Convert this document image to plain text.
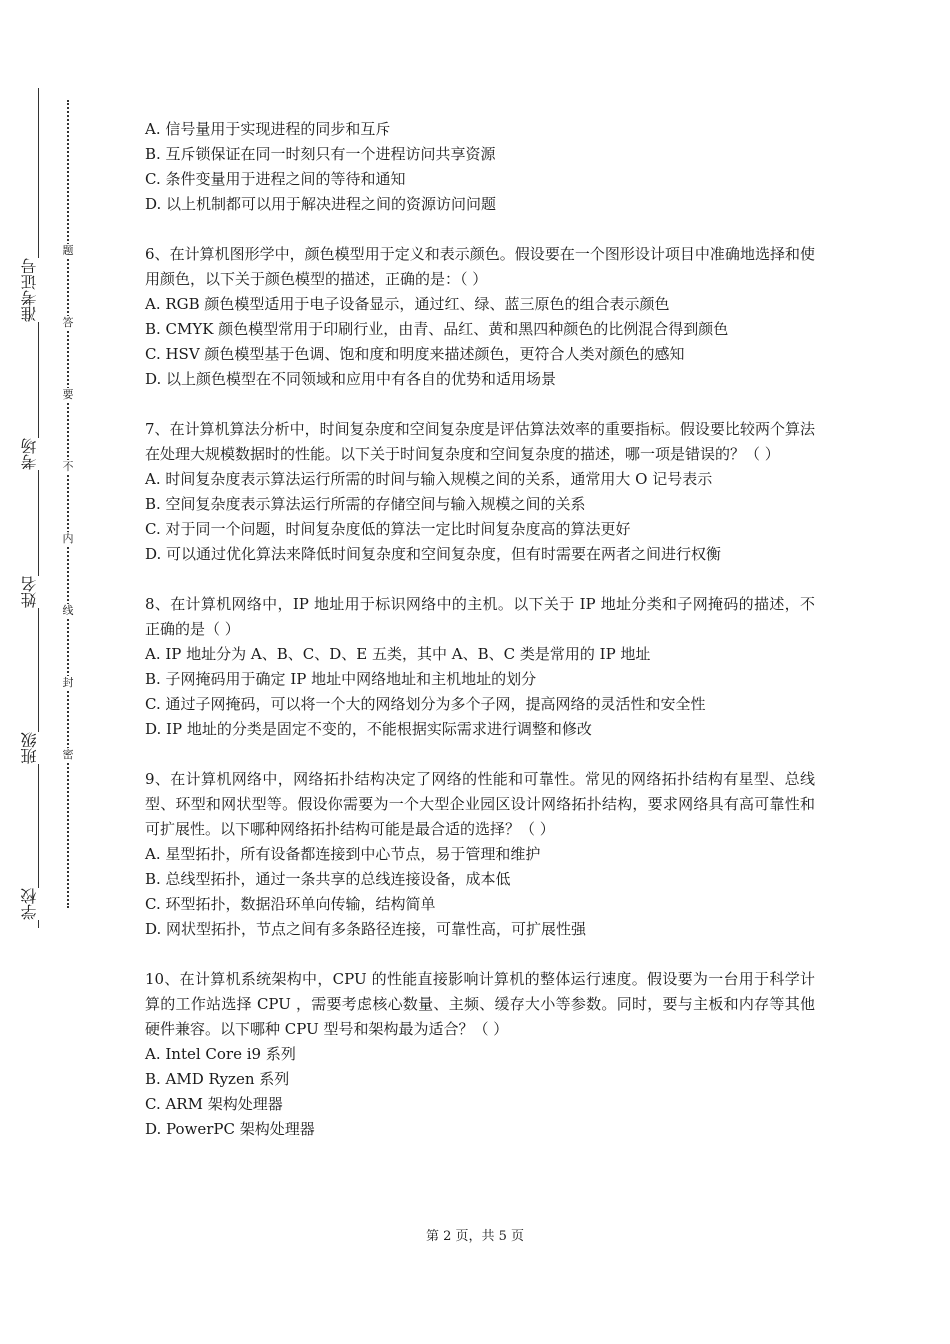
准考证号
考场
姓名
班级
学校
题
答
要
不
内
线
封
密
A. 信号量用于实现进程的同步和互斥
B. 互斥锁保证在同一时刻只有一个进程访问共享资源
C. 条件变量用于进程之间的等待和通知
D. 以上机制都可以用于解决进程之间的资源访问问题
6、在计算机图形学中，颜色模型用于定义和表示颜色。假设要在一个图形设计项目中准确地选择和使用颜色，以下关于颜色模型的描述，正确的是：（ ）
A. RGB 颜色模型适用于电子设备显示，通过红、绿、蓝三原色的组合表示颜色
B. CMYK 颜色模型常用于印刷行业，由青、品红、黄和黑四种颜色的比例混合得到颜色
C. HSV 颜色模型基于色调、饱和度和明度来描述颜色，更符合人类对颜色的感知
D. 以上颜色模型在不同领域和应用中有各自的优势和适用场景
7、在计算机算法分析中，时间复杂度和空间复杂度是评估算法效率的重要指标。假设要比较两个算法在处理大规模数据时的性能。以下关于时间复杂度和空间复杂度的描述，哪一项是错误的？（ ）
A. 时间复杂度表示算法运行所需的时间与输入规模之间的关系，通常用大 O 记号表示
B. 空间复杂度表示算法运行所需的存储空间与输入规模之间的关系
C. 对于同一个问题，时间复杂度低的算法一定比时间复杂度高的算法更好
D. 可以通过优化算法来降低时间复杂度和空间复杂度，但有时需要在两者之间进行权衡
8、在计算机网络中，IP 地址用于标识网络中的主机。以下关于 IP 地址分类和子网掩码的描述，不正确的是（ ）
A. IP 地址分为 A、B、C、D、E 五类，其中 A、B、C 类是常用的 IP 地址
B. 子网掩码用于确定 IP 地址中网络地址和主机地址的划分
C. 通过子网掩码，可以将一个大的网络划分为多个子网，提高网络的灵活性和安全性
D. IP 地址的分类是固定不变的，不能根据实际需求进行调整和修改
9、在计算机网络中，网络拓扑结构决定了网络的性能和可靠性。常见的网络拓扑结构有星型、总线型、环型和网状型等。假设你需要为一个大型企业园区设计网络拓扑结构，要求网络具有高可靠性和可扩展性。以下哪种网络拓扑结构可能是最合适的选择？（ ）
A. 星型拓扑，所有设备都连接到中心节点，易于管理和维护
B. 总线型拓扑，通过一条共享的总线连接设备，成本低
C. 环型拓扑，数据沿环单向传输，结构简单
D. 网状型拓扑，节点之间有多条路径连接，可靠性高，可扩展性强
10、在计算机系统架构中，CPU 的性能直接影响计算机的整体运行速度。假设要为一台用于科学计算的工作站选择 CPU ，需要考虑核心数量、主频、缓存大小等参数。同时，要与主板和内存等其他硬件兼容。以下哪种 CPU 型号和架构最为适合？（ ）
A. Intel Core i9 系列
B. AMD Ryzen 系列
C. ARM 架构处理器
D. PowerPC 架构处理器
第 2 页，共 5 页
